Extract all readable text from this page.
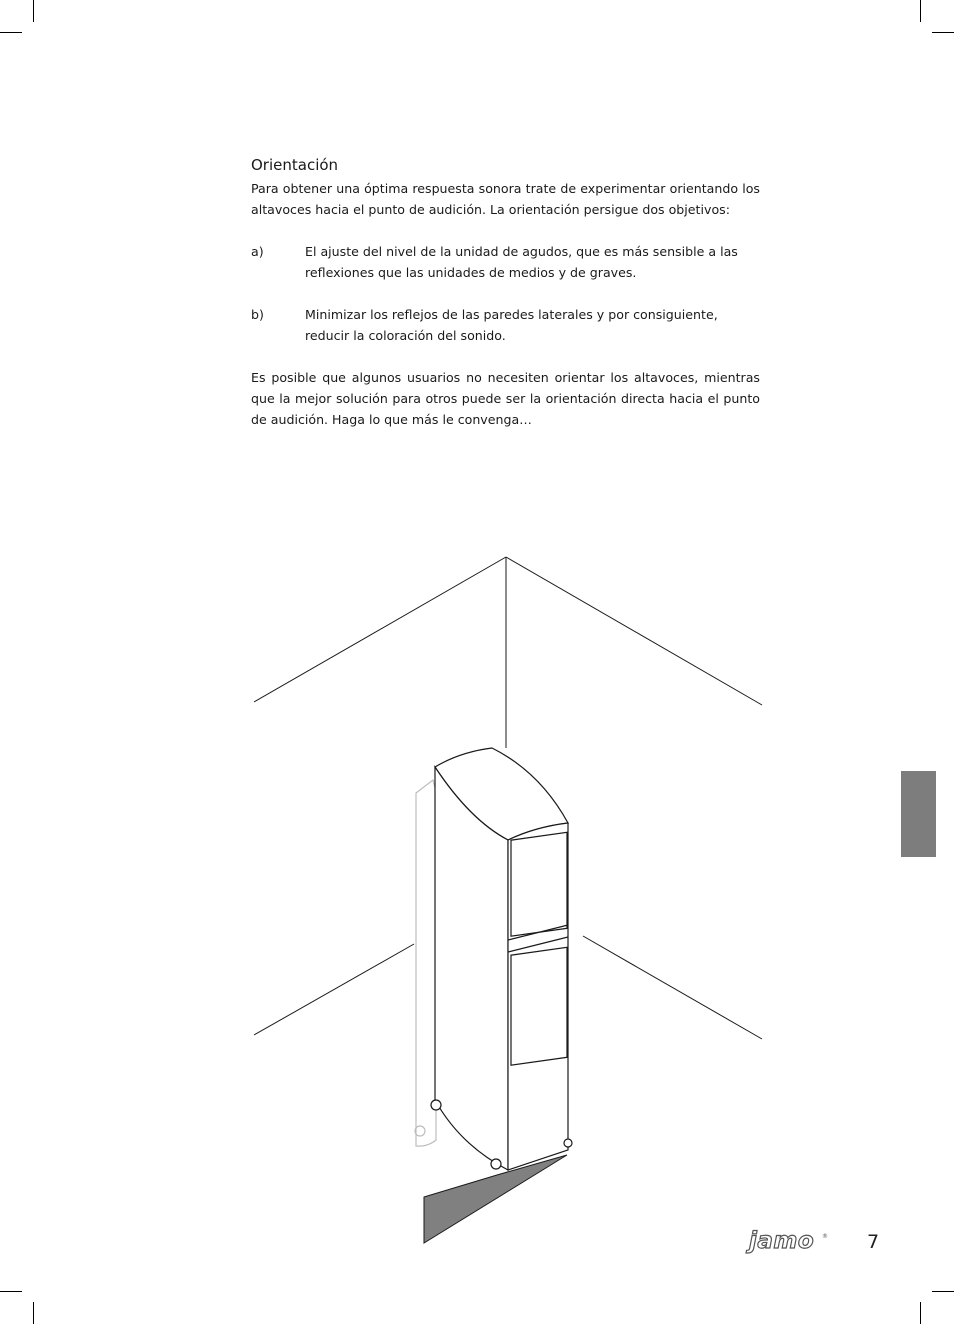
Orientación

Para obtener una óptima respuesta sonora trate de experimentar orientando los altavoces hacia el punto de audición. La orientación persigue dos objetivos:

a)	El ajuste del nivel de la unidad de agudos, que es más sensible a las reflexiones que las unidades de medios y de graves.
b)	Minimizar los reflejos de las paredes laterales y por consiguiente, reducir la coloración del sonido.

Es posible que algunos usuarios no necesiten orientar los altavoces, mientras que la mejor solución para otros puede ser la orientación directa hacia el punto de audición. Haga lo que más le convenga…

jamo ® 7
